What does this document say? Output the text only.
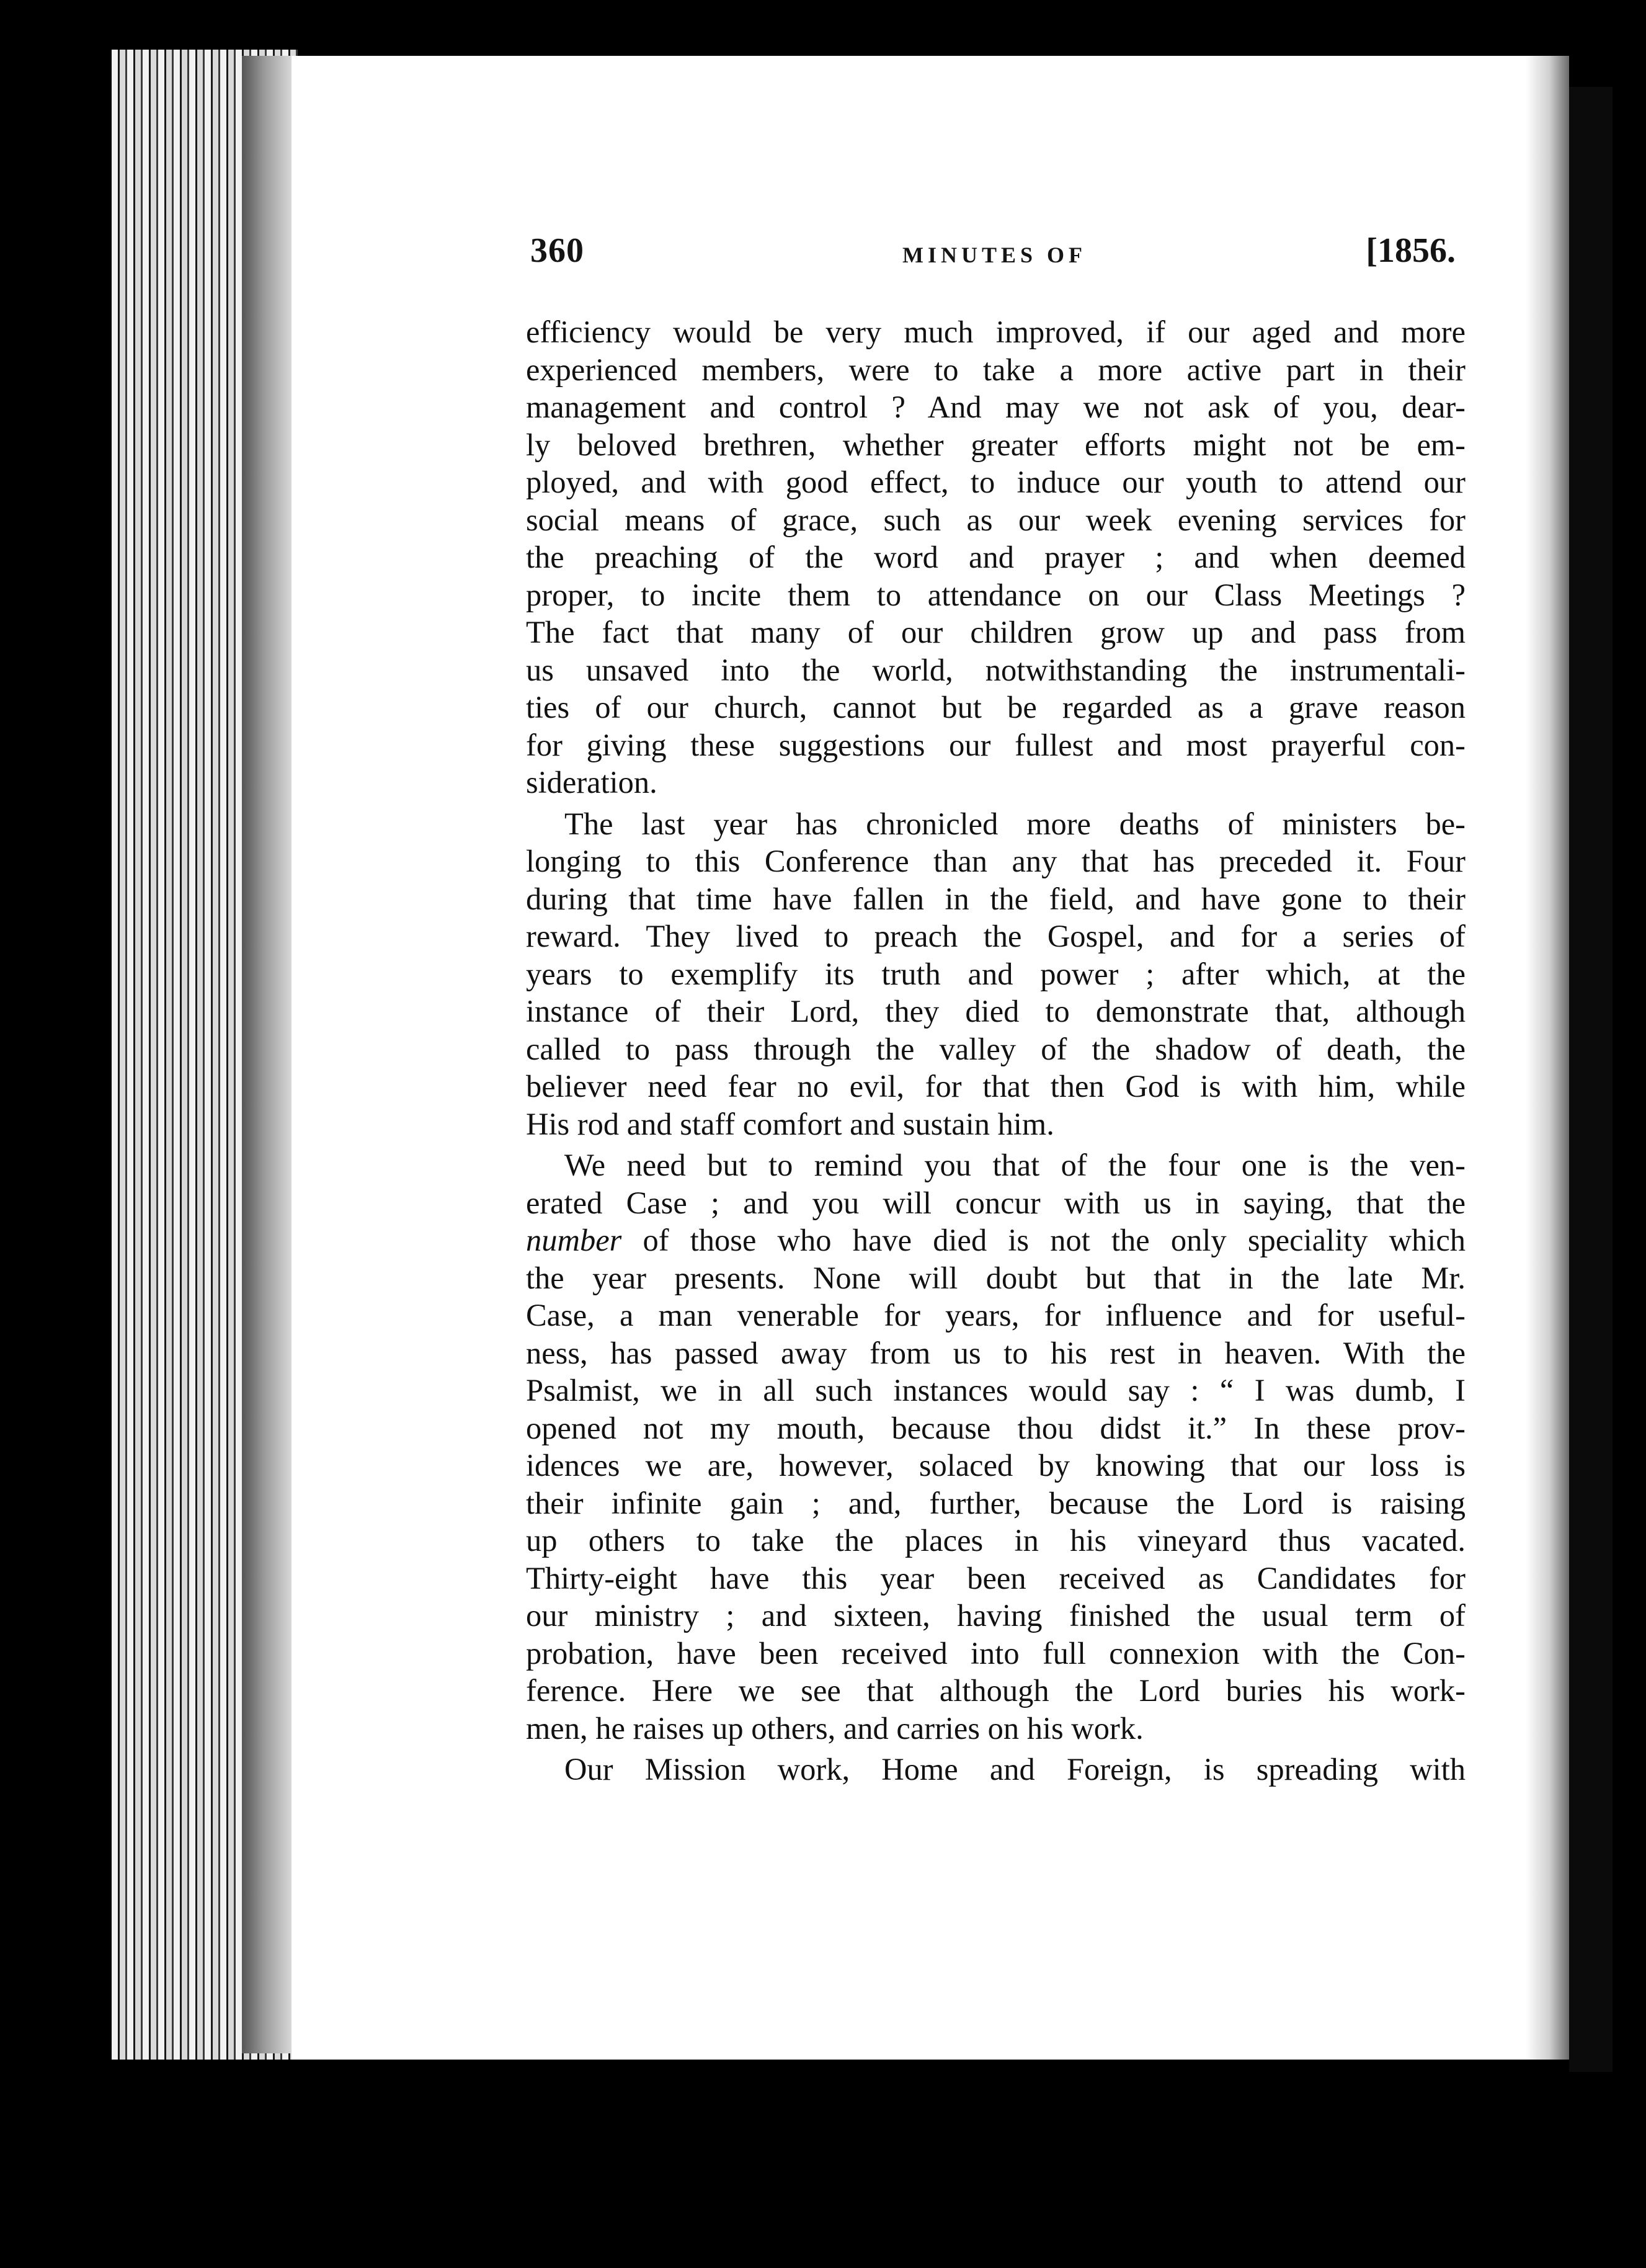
360	MINUTES OF	[1856.
efficiency would be very much improved, if our aged and more
experienced members, were to take a more active part in their
management and control ? And may we not ask of you, dear-
ly beloved brethren, whether greater efforts might not be em-
ployed, and with good effect, to induce our youth to attend our
social means of grace, such as our week evening services for
the preaching of the word and prayer ; and when deemed
proper, to incite them to attendance on our Class Meetings ?
The fact that many of our children grow up and pass from
us unsaved into the world, notwithstanding the instrumentali-
ties of our church, cannot but be regarded as a grave reason
for giving these suggestions our fullest and most prayerful con-
sideration.
The last year has chronicled more deaths of ministers be-
longing to this Conference than any that has preceded it. Four
during that time have fallen in the field, and have gone to their
reward. They lived to preach the Gospel, and for a series of
years to exemplify its truth and power ; after which, at the
instance of their Lord, they died to demonstrate that, although
called to pass through the valley of the shadow of death, the
believer need fear no evil, for that then God is with him, while
His rod and staff comfort and sustain him.
We need but to remind you that of the four one is the ven-
erated Case ; and you will concur with us in saying, that the
number of those who have died is not the only speciality which
the year presents. None will doubt but that in the late Mr.
Case, a man venerable for years, for influence and for useful-
ness, has passed away from us to his rest in heaven. With the
Psalmist, we in all such instances would say : “ I was dumb, I
opened not my mouth, because thou didst it.” In these prov-
idences we are, however, solaced by knowing that our loss is
their infinite gain ; and, further, because the Lord is raising
up others to take the places in his vineyard thus vacated.
Thirty-eight have this year been received as Candidates for
our ministry ; and sixteen, having finished the usual term of
probation, have been received into full connexion with the Con-
ference. Here we see that although the Lord buries his work-
men, he raises up others, and carries on his work.
Our Mission work, Home and Foreign, is spreading with
